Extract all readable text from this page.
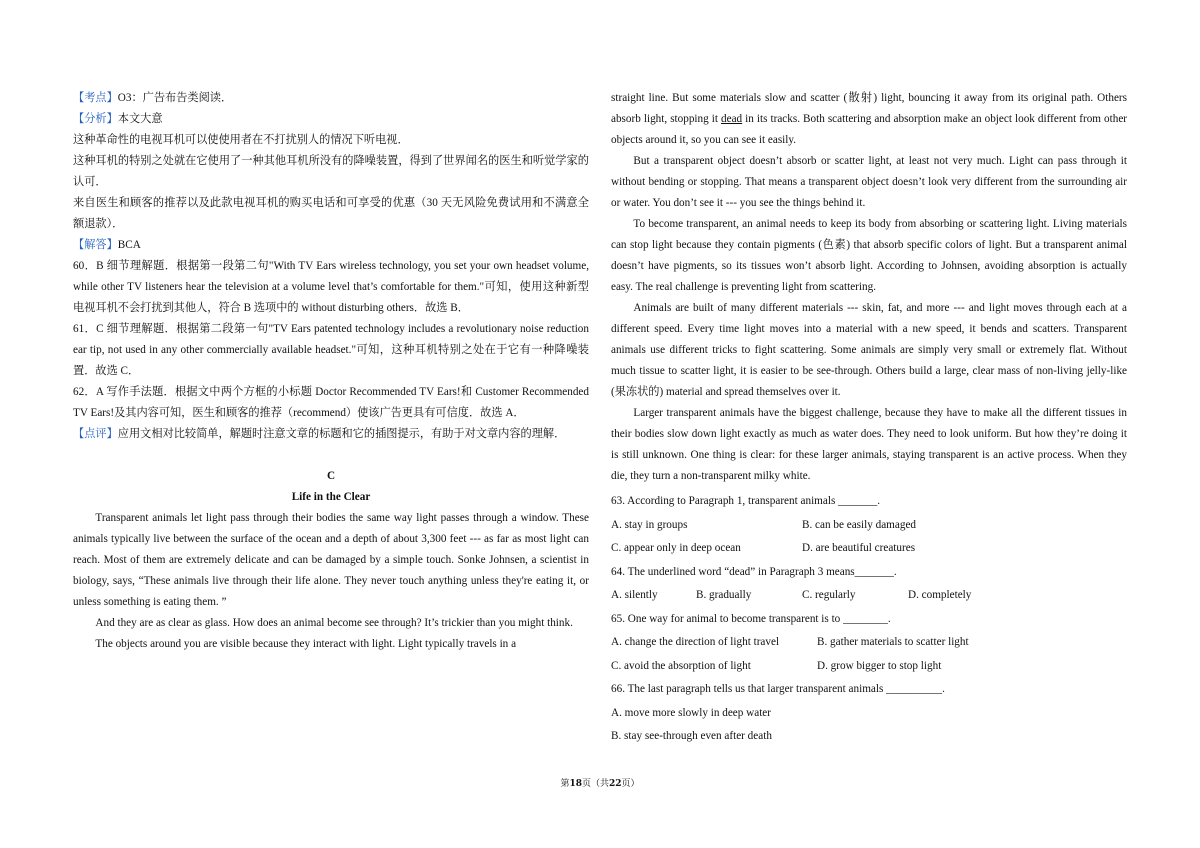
【考点】O3：广告布告类阅读．

【分析】本文大意

这种革命性的电视耳机可以使使用者在不打扰别人的情况下听电视．

这种耳机的特别之处就在它使用了一种其他耳机所没有的降噪装置，得到了世界闻名的医生和听觉学家的认可．

来自医生和顾客的推荐以及此款电视耳机的购买电话和可享受的优惠（30 天无风险免费试用和不满意全额退款）．

【解答】BCA

60．B 细节理解题．根据第一段第二句"With TV Ears wireless technology, you set your own headset volume, while other TV listeners hear the television at a volume level that’s comfortable for them."可知，使用这种新型电视耳机不会打扰到其他人，符合 B 选项中的 without disturbing others．故选 B．

61．C 细节理解题．根据第二段第一句"TV Ears patented technology includes a revolutionary noise reduction ear tip, not used in any other commercially available headset."可知，这种耳机特别之处在于它有一种降噪装置．故选 C．

62．A 写作手法题．根据文中两个方框的小标题 Doctor Recommended TV Ears!和 Customer Recommended TV Ears!及其内容可知，医生和顾客的推荐（recommend）使该广告更具有可信度．故选 A．

【点评】应用文相对比较简单，解题时注意文章的标题和它的插图提示，有助于对文章内容的理解．

C

Life in the Clear

Transparent animals let light pass through their bodies the same way light passes through a window. These animals typically live between the surface of the ocean and a depth of about 3,300 feet --- as far as most light can reach. Most of them are extremely delicate and can be damaged by a simple touch. Sonke Johnsen, a scientist in biology, says, “These animals live through their life alone. They never touch anything unless they're eating it, or unless something is eating them. ”

And they are as clear as glass. How does an animal become see through? It’s trickier than you might think.

The objects around you are visible because they interact with light. Light typically travels in a

straight line. But some materials slow and scatter (散射) light, bouncing it away from its original path. Others absorb light, stopping it dead in its tracks. Both scattering and absorption make an object look different from other objects around it, so you can see it easily.

But a transparent object doesn’t absorb or scatter light, at least not very much. Light can pass through it without bending or stopping. That means a transparent object doesn’t look very different from the surrounding air or water. You don’t see it --- you see the things behind it.

To become transparent, an animal needs to keep its body from absorbing or scattering light. Living materials can stop light because they contain pigments (色素) that absorb specific colors of light. But a transparent animal doesn’t have pigments, so its tissues won’t absorb light. According to Johnsen, avoiding absorption is actually easy. The real challenge is preventing light from scattering.

Animals are built of many different materials --- skin, fat, and more --- and light moves through each at a different speed. Every time light moves into a material with a new speed, it bends and scatters. Transparent animals use different tricks to fight scattering. Some animals are simply very small or extremely flat. Without much tissue to scatter light, it is easier to be see-through. Others build a large, clear mass of non-living jelly-like (果冻状的) material and spread themselves over it.

Larger transparent animals have the biggest challenge, because they have to make all the different tissues in their bodies slow down light exactly as much as water does. They need to look uniform. But how they’re doing it is still unknown. One thing is clear: for these larger animals, staying transparent is an active process. When they die, they turn a non-transparent milky white.

63. According to Paragraph 1, transparent animals _______.

A. stay in groups	B. can be easily damaged
C. appear only in deep ocean	D. are beautiful creatures

64. The underlined word “dead” in Paragraph 3 means_______.

A. silently	B. gradually	C. regularly	D. completely

65. One way for animal to become transparent is to ________.

A. change the direction of light travel	B. gather materials to scatter light
C. avoid the absorption of light	D. grow bigger to stop light

66. The last paragraph tells us that larger transparent animals __________.

A. move more slowly in deep water

B. stay see-through even after death

第18页（共22页）
